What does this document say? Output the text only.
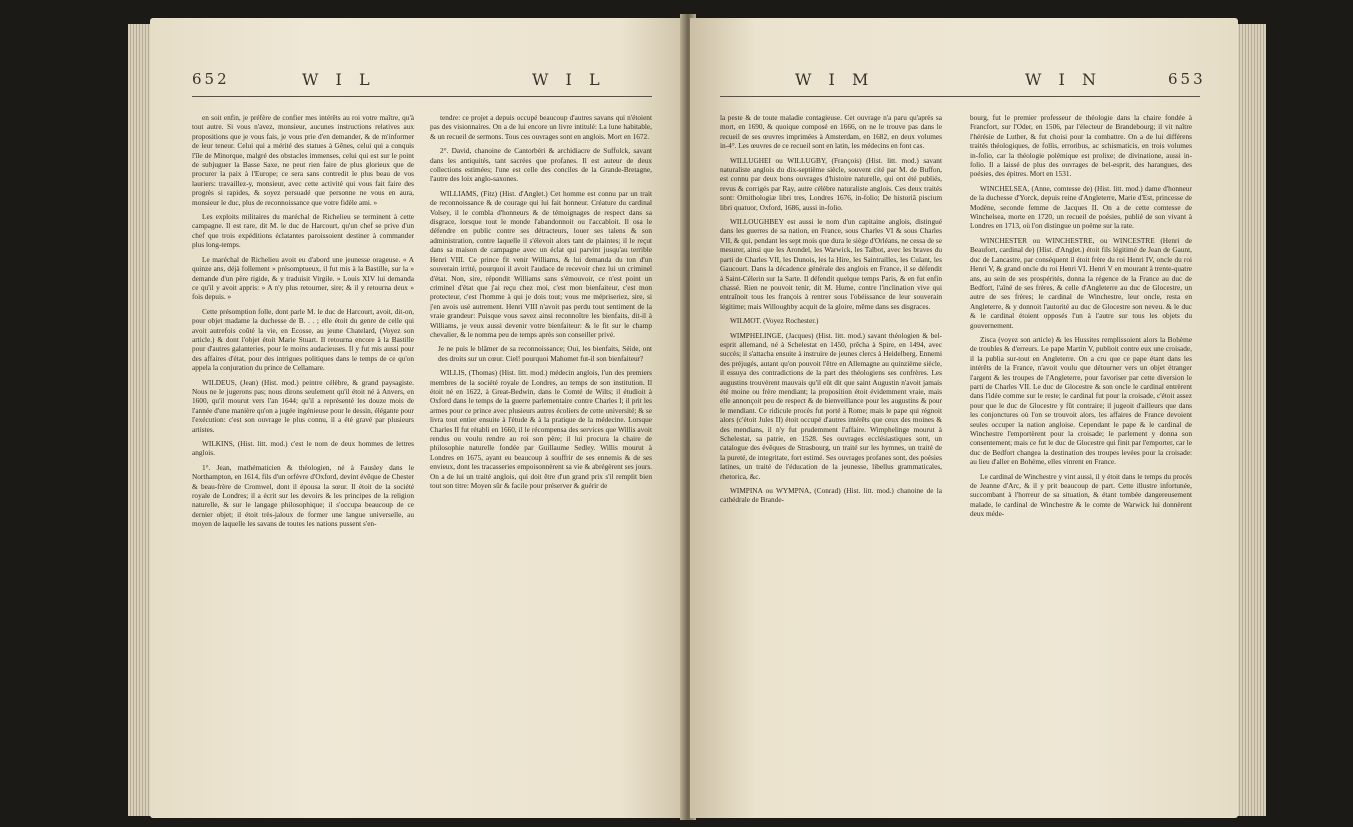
652	W I L	W I L

en soit enfin, je préfère de confier mes intérêts au roi votre maître, qu'à tout autre. Si vous n'avez, monsieur, aucunes instructions relatives aux propositions que je vous fais, je vous prie d'en demander, & de m'informer de leur teneur. Celui qui a mérité des statues à Gênes, celui qui a conquis l'île de Minorque, malgré des obstacles immenses, celui qui est sur le point de subjuguer la Basse Saxe, ne peut rien faire de plus glorieux que de procurer la paix à l'Europe; ce sera sans contredit le plus beau de vos lauriers: travaillez-y, monsieur, avec cette activité qui vous fait faire des progrès si rapides, & soyez persuadé que personne ne vous en aura, monsieur le duc, plus de reconnoissance que votre fidèle ami. »

Les exploits militaires du maréchal de Richelieu se terminent à cette campagne. Il est rare, dit M. le duc de Harcourt, qu'un chef se prive d'un chef que trois expéditions éclatantes paroissoient destiner à commander plus long-temps.

Le maréchal de Richelieu avoit eu d'abord une jeunesse orageuse. « A quinze ans, déjà follement » présomptueux, il fut mis à la Bastille, sur la » demande d'un père rigide, & y traduisit Virgile. » Louis XIV lui demanda ce qu'il y avoit appris: » A n'y plus retourner, sire; & il y retourna deux » fois depuis. »

Cette présomption folle, dont parle M. le duc de Harcourt, avoit, dit-on, pour objet madame la duchesse de B. . . ; elle étoit du genre de celle qui avoit autrefois coûté la vie, en Ecosse, au jeune Chatelard, (Voyez son article.) & dont l'objet étoit Marie Stuart. Il retourna encore à la Bastille pour d'autres galanteries, pour le moins audacieuses. Il y fut mis aussi pour des affaires d'état, pour des intrigues politiques dans le temps de ce qu'on appela la conjuration du prince de Cellamare.

WILDEUS, (Jean) (Hist. mod.) peintre célèbre, & grand paysagiste. Nous ne le jugerons pas; nous dirons seulement qu'il étoit né à Anvers, en 1600, qu'il mourut vers l'an 1644; qu'il a représenté les douze mois de l'année d'une manière qu'on a jugée ingénieuse pour le dessin, élégante pour l'exécution: c'est son ouvrage le plus connu, il a été gravé par plusieurs artistes.

WILKINS, (Hist. litt. mod.) c'est le nom de deux hommes de lettres anglois.

1°. Jean, mathématicien & théologien, né à Fausley dans le Northampton, en 1614, fils d'un orfèvre d'Oxford, devint évêque de Chester & beau-frère de Cromwel, dont il épousa la sœur. Il étoit de la société royale de Londres; il a écrit sur les devoirs & les principes de la religion naturelle, & sur le langage philosophique; il s'occupa beaucoup de ce dernier objet; il étoit très-jaloux de former une langue universelle, au moyen de laquelle les savans de toutes les nations pussent s'en-

tendre: ce projet a depuis occupé beaucoup d'autres savans qui n'étoient pas des visionnaires. On a de lui encore un livre intitulé: La lune habitable, & un recueil de sermons. Tous ces ouvrages sont en anglois. Mort en 1672.

2°. David, chanoine de Cantorbéri & archidiacre de Suffolck, savant dans les antiquités, tant sacrées que profanes. Il est auteur de deux collections estimées; l'une est celle des conciles de la Grande-Bretagne, l'autre des loix anglo-saxones.

WILLIAMS, (Fitz) (Hist. d'Anglet.) Cet homme est connu par un trait de reconnoissance & de courage qui lui fait honneur. Créature du cardinal Volsey, il le combla d'honneurs & de témoignages de respect dans sa disgrace, lorsque tout le monde l'abandonnoit ou l'accabloit. Il osa le défendre en public contre ses détracteurs, louer ses talens & son administration, contre laquelle il s'élevoit alors tant de plaintes; il le reçut dans sa maison de campagne avec un éclat qui parvint jusqu'au terrible Henri VIII. Ce prince fit venir Williams, & lui demanda du ton d'un souverain irrité, pourquoi il avoit l'audace de recevoir chez lui un criminel d'état. Non, sire, répondit Williams sans s'émouvoir, ce n'est point un criminel d'état que j'ai reçu chez moi, c'est mon bienfaiteur, c'est mon protecteur, c'est l'homme à qui je dois tout; vous me mépriseriez, sire, si j'en avois usé autrement. Henri VIII n'avoit pas perdu tout sentiment de la vraie grandeur: Puisque vous savez ainsi reconnoître les bienfaits, dit-il à Williams, je veux aussi devenir votre bienfaiteur: & le fit sur le champ chevalier, & le nomma peu de temps après son conseiller privé.

Je ne puis le blâmer de sa reconnoissance; Oui, les bienfaits, Séide, ont des droits sur un cœur. Ciel! pourquoi Mahomet fut-il son bienfaiteur?

WILLIS, (Thomas) (Hist. litt. mod.) médecin anglois, l'un des premiers membres de la société royale de Londres, au temps de son institution. Il étoit né en 1622, à Great-Bedwin, dans le Comté de Wilts; il étudioit à Oxford dans le temps de la guerre parlementaire contre Charles I; il prit les armes pour ce prince avec plusieurs autres écoliers de cette université; & se livra tout entier ensuite à l'étude & à la pratique de la médecine. Lorsque Charles II fut rétabli en 1660, il le récompensa des services que Willis avoit rendus ou voulu rendre au roi son père; il lui procura la chaire de philosophie naturelle fondée par Guillaume Sedley. Willis mourut à Londres en 1675, ayant eu beaucoup à souffrir de ses ennemis & de ses envieux, dont les tracasseries empoisonnèrent sa vie & abrégèrent ses jours. On a de lui un traité anglois, qui doit être d'un grand prix s'il remplit bien tout son titre: Moyen sûr & facile pour préserver & guérir de

W I M	W I N	653

la peste & de toute maladie contagieuse. Cet ouvrage n'a paru qu'après sa mort, en 1690, & quoique composé en 1666, on ne le trouve pas dans le recueil de ses œuvres imprimées à Amsterdam, en 1682, en deux volumes in-4°. Les œuvres de ce recueil sont en latin, les médecins en font cas.

WILLUGHEI ou WILLUGBY, (François) (Hist. litt. mod.) savant naturaliste anglois du dix-septième siècle, souvent cité par M. de Buffon, est connu par deux bons ouvrages d'histoire naturelle, qui ont été publiés, revus & corrigés par Ray, autre célèbre naturaliste anglois. Ces deux traités sont: Ornithologiæ libri tres, Londres 1676, in-folio; De historiâ piscium libri quatuor, Oxford, 1686, aussi in-folio.

WILLOUGHBEY est aussi le nom d'un capitaine anglois, distingué dans les guerres de sa nation, en France, sous Charles VI & sous Charles VII, & qui, pendant les sept mois que dura le siège d'Orléans, ne cessa de se mesurer, ainsi que les Arondel, les Warwick, les Talbot, avec les braves du parti de Charles VII, les Dunois, les la Hire, les Saintrailles, les Culant, les Gaucourt. Dans la décadence générale des anglois en France, il se défendit à Saint-Célerin sur la Sarte. Il défendit quelque temps Paris, & en fut enfin chassé. Rien ne pouvoit tenir, dit M. Hume, contre l'inclination vive qui entraînoit tous les françois à rentrer sous l'obéissance de leur souverain légitime; mais Willoughby acquit de la gloire, même dans ses disgraces.

WILMOT. (Voyez Rochester.)

WIMPHELINGE, (Jacques) (Hist. litt. mod.) savant théologien & bel-esprit allemand, né à Schelestat en 1450, prêcha à Spire, en 1494, avec succès; il s'attacha ensuite à instruire de jeunes clercs à Heidelberg. Ennemi des préjugés, autant qu'on pouvoit l'être en Allemagne au quinzième siècle, il essuya des contradictions de la part des théologiens ses confrères. Les augustins trouvèrent mauvais qu'il eût dit que saint Augustin n'avoit jamais été moine ou frère mendiant; la proposition étoit évidemment vraie, mais elle annonçoit peu de respect & de bienveillance pour les augustins & pour le mendiant. Ce ridicule procès fut porté à Rome; mais le pape qui régnoit alors (c'étoit Jules II) étoit occupé d'autres intérêts que ceux des moines & des mendians, il n'y fut prudemment l'affaire. Wimphelinge mourut à Schelestat, sa patrie, en 1528. Ses ouvrages ecclésiastiques sont, un catalogue des évêques de Strasbourg, un traité sur les hymnes, un traité de la pureté, de integritate, fort estimé. Ses ouvrages profanes sont, des poésies latines, un traité de l'éducation de la jeunesse, libellus grammaticales, rhetorica, &c.

WIMPINA ou WYMPNA, (Conrad) (Hist. litt. mod.) chanoine de la cathédrale de Brande-

bourg, fut le premier professeur de théologie dans la chaire fondée à Francfort, sur l'Oder, en 1506, par l'électeur de Brandebourg; il vit naître l'hérésie de Luther, & fut choisi pour la combattre. On a de lui différens traités théologiques, de follis, erroribus, ac schismaticis, en trois volumes in-folio, car la théologie polémique est prolixe; de divinatione, aussi in-folio. Il a laissé de plus des ouvrages de bel-esprit, des harangues, des poésies, des épitres. Mort en 1531.

WINCHELSEA, (Anne, comtesse de) (Hist. litt. mod.) dame d'honneur de la duchesse d'Yorck, depuis reine d'Angleterre, Marie d'Est, princesse de Modène, seconde femme de Jacques II. On a de cette comtesse de Winchelsea, morte en 1720, un recueil de poésies, publié de son vivant à Londres en 1713, où l'on distingue un poëme sur la rate.

WINCHESTER ou WINCHESTRE, ou WINCESTRE (Henri de Beaufort, cardinal de) (Hist. d'Anglet.) étoit fils légitimé de Jean de Gaunt, duc de Lancastre, par conséquent il étoit frère du roi Henri IV, oncle du roi Henri V, & grand oncle du roi Henri VI. Henri V en mourant à trente-quatre ans, au sein de ses prospérités, donna la régence de la France au duc de Bedfort, l'aîné de ses frères, & celle d'Angleterre au duc de Glocestre, un autre de ses frères; le cardinal de Winchestre, leur oncle, resta en Angleterre, & y donnoit l'autorité au duc de Glocestre son neveu. & le duc & le cardinal étoient opposés l'un à l'autre sur tous les objets du gouvernement.

Zisca (voyez son article) & les Hussites remplissoient alors la Bohème de troubles & d'erreurs. Le pape Martin V, publioit contre eux une croisade, il la publia sur-tout en Angleterre. On a cru que ce pape étant dans les intérêts de la France, n'avoit voulu que détourner vers un objet étranger l'argent & les troupes de l'Angleterre, pour favoriser par cette diversion le parti de Charles VII. Le duc de Glocestre & son oncle le cardinal entrèrent dans l'idée comme sur le reste; le cardinal fut pour la croisade, c'étoit assez pour que le duc de Glocestre y fût contraire; il jugeoit d'ailleurs que dans les conjonctures où l'on se trouvoit alors, les affaires de France devoient seules occuper la nation angloise. Cependant le pape & le cardinal de Winchestre l'emportèrent pour la croisade; le parlement y donna son consentement; mais ce fut le duc de Glocestre qui finit par l'emporter, car le duc de Bedfort changea la destination des troupes levées pour la croisade: au lieu d'aller en Bohème, elles vinrent en France.

Le cardinal de Winchestre y vint aussi, il y étoit dans le temps du procès de Jeanne d'Arc, & il y prit beaucoup de part. Cette illustre infortunée, succombant à l'horreur de sa situation, & étant tombée dangereusement malade, le cardinal de Winchestre & le comte de Warwick lui donnèrent deux méde-
